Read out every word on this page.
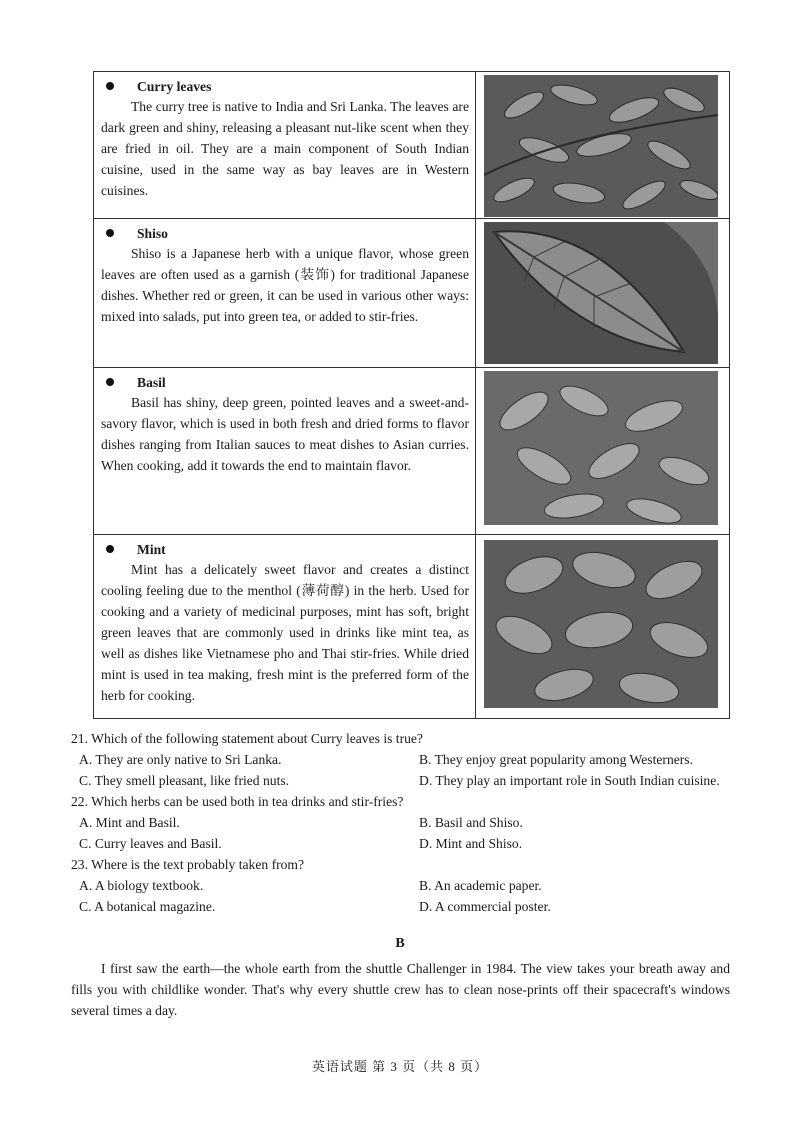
Curry leaves

The curry tree is native to India and Sri Lanka. The leaves are dark green and shiny, releasing a pleasant nut-like scent when they are fried in oil. They are a main component of South Indian cuisine, used in the same way as bay leaves are in Western cuisines.

Shiso

Shiso is a Japanese herb with a unique flavor, whose green leaves are often used as a garnish (装饰) for traditional Japanese dishes. Whether red or green, it can be used in various other ways: mixed into salads, put into green tea, or added to stir-fries.

Basil

Basil has shiny, deep green, pointed leaves and a sweet-and-savory flavor, which is used in both fresh and dried forms to flavor dishes ranging from Italian sauces to meat dishes to Asian curries. When cooking, add it towards the end to maintain flavor.

Mint

Mint has a delicately sweet flavor and creates a distinct cooling feeling due to the menthol (薄荷醇) in the herb. Used for cooking and a variety of medicinal purposes, mint has soft, bright green leaves that are commonly used in drinks like mint tea, as well as dishes like Vietnamese pho and Thai stir-fries. While dried mint is used in tea making, fresh mint is the preferred form of the herb for cooking.

21. Which of the following statement about Curry leaves is true?
A. They are only native to Sri Lanka.	B. They enjoy great popularity among Westerners.
C. They smell pleasant, like fried nuts.	D. They play an important role in South Indian cuisine.
22. Which herbs can be used both in tea drinks and stir-fries?
A. Mint and Basil.	B. Basil and Shiso.
C. Curry leaves and Basil.	D. Mint and Shiso.
23. Where is the text probably taken from?
A. A biology textbook.	B. An academic paper.
C. A botanical magazine.	D. A commercial poster.
B

I first saw the earth—the whole earth from the shuttle Challenger in 1984. The view takes your breath away and fills you with childlike wonder. That's why every shuttle crew has to clean nose-prints off their spacecraft's windows several times a day.

英语试题 第 3 页（共 8 页）
